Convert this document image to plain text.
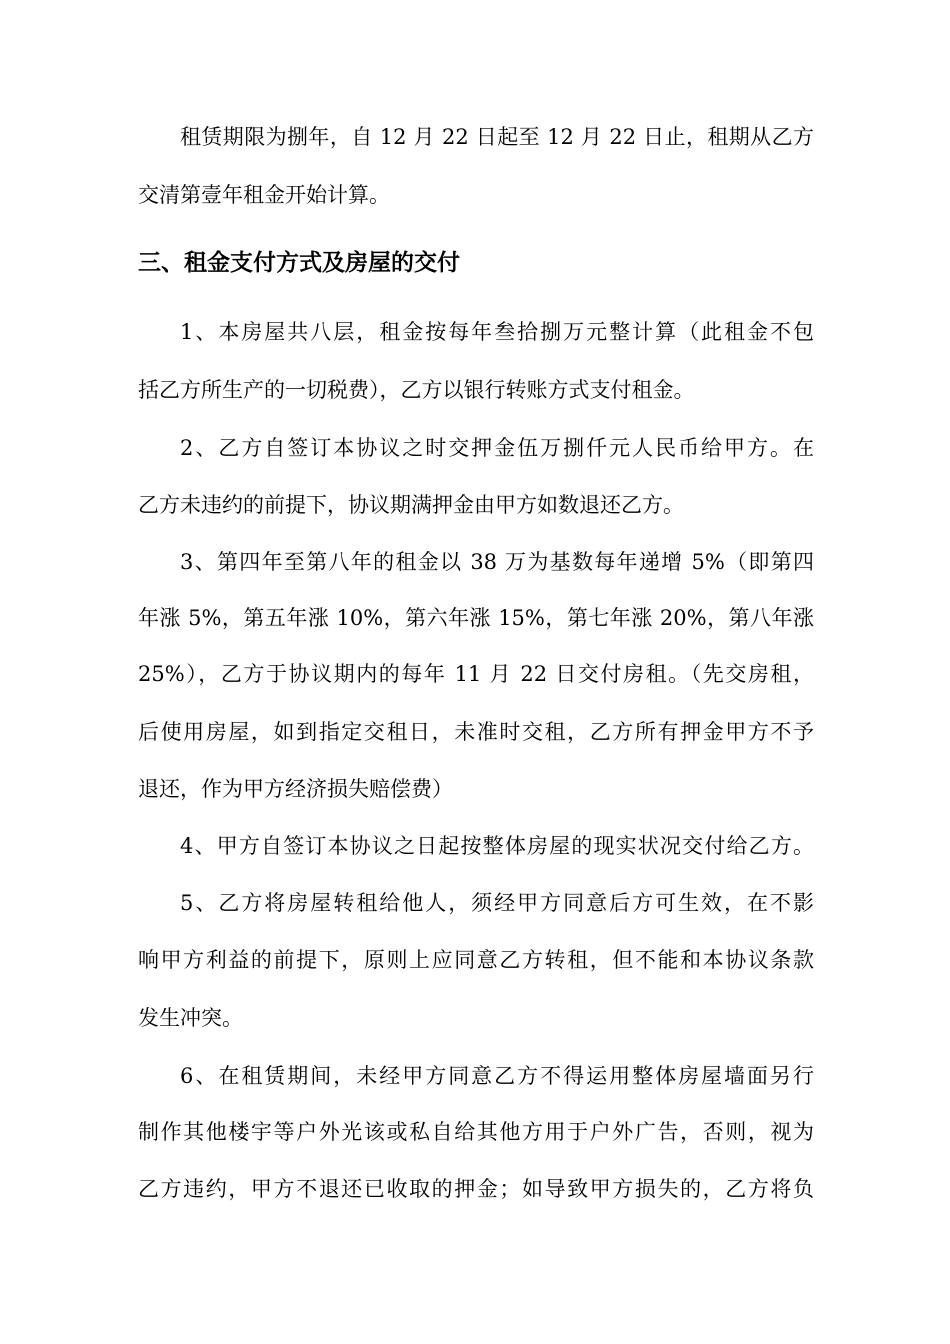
租赁期限为捌年，自 12 月 22 日起至 12 月 22 日止，租期从乙方
交清第壹年租金开始计算。
三、租金支付方式及房屋的交付
1、本房屋共八层，租金按每年叁拾捌万元整计算（此租金不包
括乙方所生产的一切税费），乙方以银行转账方式支付租金。
2、乙方自签订本协议之时交押金伍万捌仟元人民币给甲方。在
乙方未违约的前提下，协议期满押金由甲方如数退还乙方。
3、第四年至第八年的租金以 38 万为基数每年递增 5%（即第四
年涨 5%，第五年涨 10%，第六年涨 15%，第七年涨 20%，第八年涨
25%），乙方于协议期内的每年 11 月 22 日交付房租。（先交房租，
后使用房屋，如到指定交租日，未准时交租，乙方所有押金甲方不予
退还，作为甲方经济损失赔偿费）
4、甲方自签订本协议之日起按整体房屋的现实状况交付给乙方。
5、乙方将房屋转租给他人，须经甲方同意后方可生效，在不影
响甲方利益的前提下，原则上应同意乙方转租，但不能和本协议条款
发生冲突。
6、在租赁期间，未经甲方同意乙方不得运用整体房屋墙面另行
制作其他楼宇等户外光该或私自给其他方用于户外广告，否则，视为
乙方违约，甲方不退还已收取的押金；如导致甲方损失的，乙方将负
